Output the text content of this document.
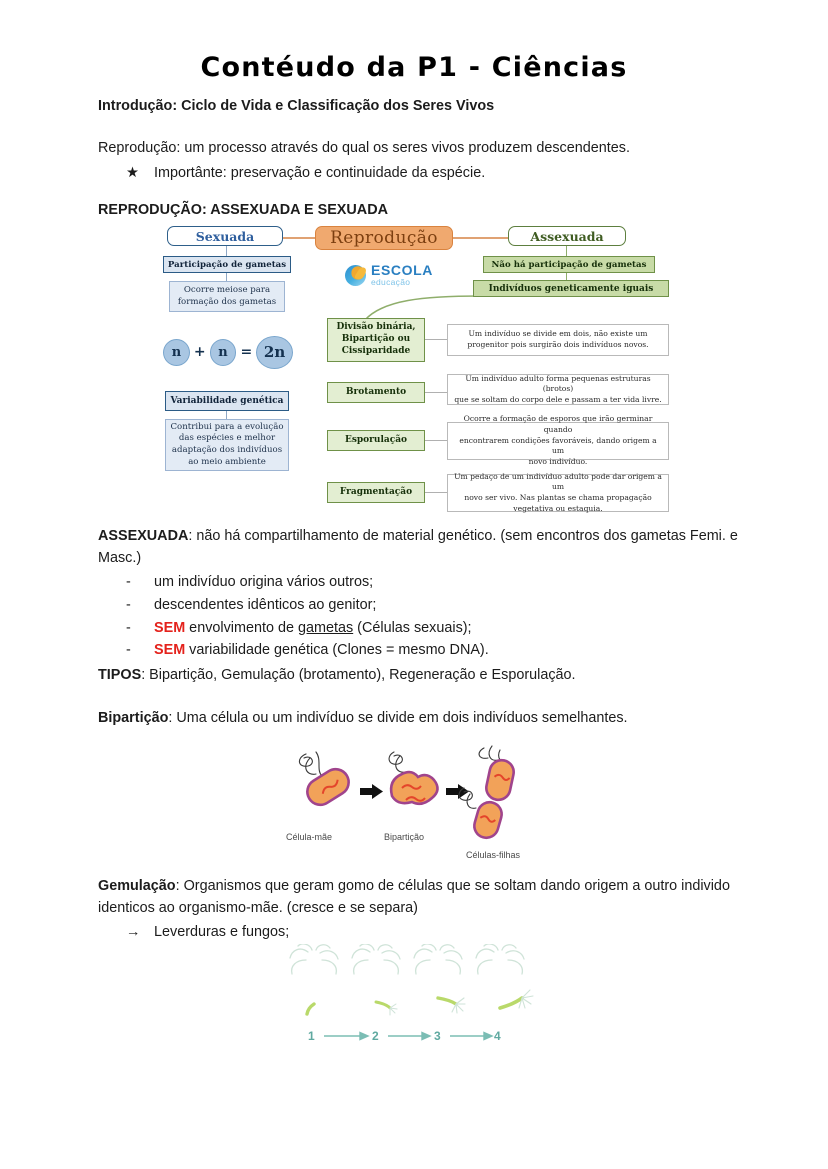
Contéudo da P1 - Ciências
Introdução: Ciclo de Vida e Classificação dos Seres Vivos
Reprodução: um processo através do qual os seres vivos produzem descendentes.
★ Importânte: preservação e continuidade da espécie.
REPRODUÇÃO: ASSEXUADA E SEXUADA
Sexuada
Participação de gametas
Ocorre meiose para
formação dos gametas
n + n = 2n
Variabilidade genética
Contribui para a evolução
das espécies e melhor
adaptação dos indivíduos
ao meio ambiente
Reprodução
ESCOLA
educação
Assexuada
Não há participação de gametas
Indivíduos geneticamente iguais
Divisão binária,
Bipartição ou
Cissiparidade
Um indivíduo se divide em dois, não existe um
progenitor pois surgirão dois indivíduos novos.
Brotamento
Um indivíduo adulto forma pequenas estruturas (brotos)
que se soltam do corpo dele e passam a ter vida livre.
Esporulação
Ocorre a formação de esporos que irão germinar quando
encontrarem condições favoráveis, dando origem a um
novo indivíduo.
Fragmentação
Um pedaço de um indivíduo adulto pode dar origem a um
novo ser vivo. Nas plantas se chama propagação
vegetativa ou estaquia.
ASSEXUADA: não há compartilhamento de material genético. (sem encontros dos gametas Femi. e Masc.)
- um indivíduo origina vários outros;
- descendentes idênticos ao genitor;
- SEM envolvimento de gametas (Células sexuais);
- SEM variabilidade genética (Clones = mesmo DNA).
TIPOS: Bipartição, Gemulação (brotamento), Regeneração e Esporulação.
Bipartição: Uma célula ou um indivíduo se divide em dois indivíduos semelhantes.
Célula-mãe	Bipartição
Células-filhas
Gemulação: Organismos que geram gomo de células que se soltam dando origem a outro individo identicos ao organismo-mãe. (cresce e se separa)
→ Leverduras e fungos;
1	2	3	4
